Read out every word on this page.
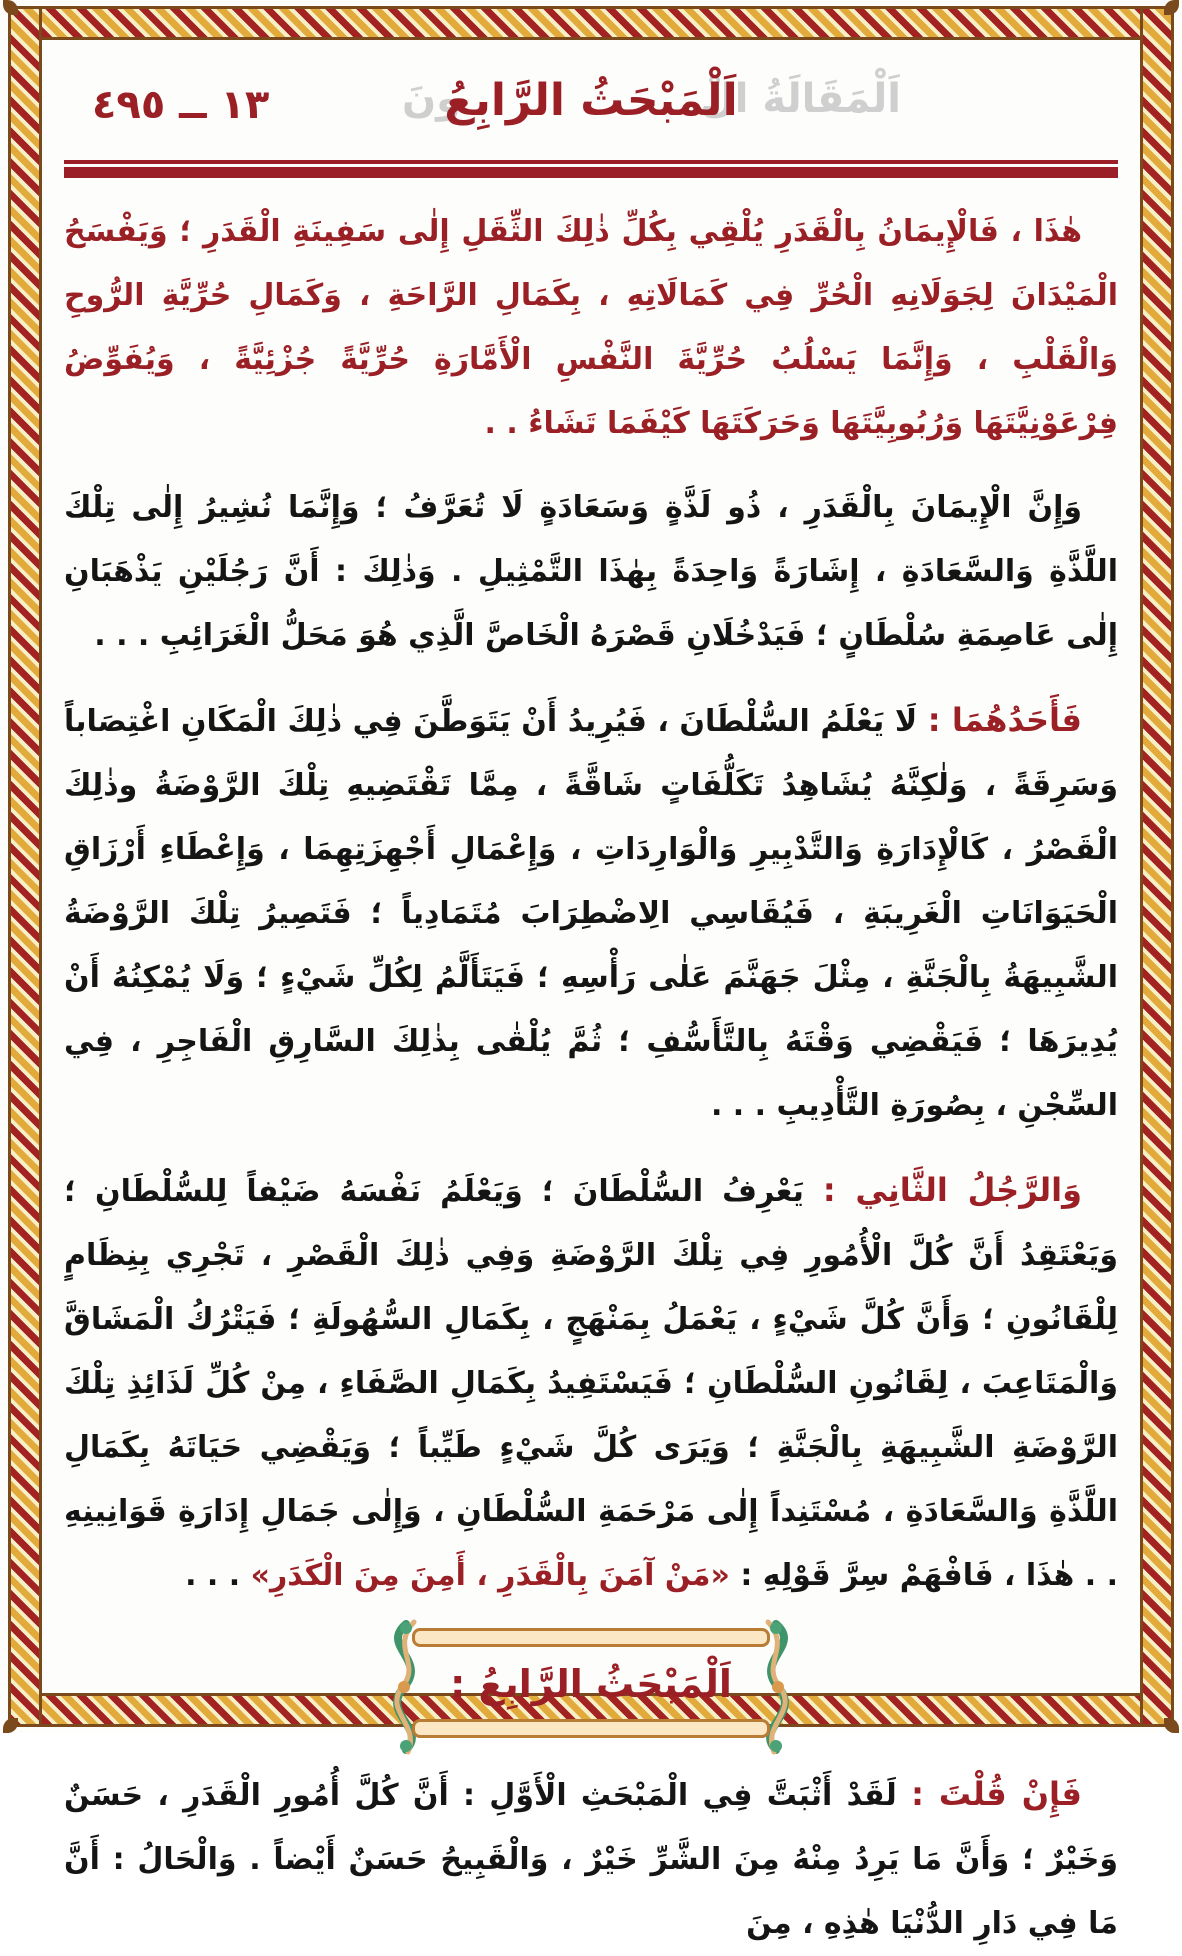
١٣ ــ ٤٩٥	اَلْمَقَالَةُ الْ
ونَ
اَلْمَبْحَثُ الرَّابِعُ

هٰذَا ، فَالْإِيمَانُ بِالْقَدَرِ يُلْقِي بِكُلِّ ذٰلِكَ الثِّقَلِ إِلٰى سَفِينَةِ الْقَدَرِ ؛ وَيَفْسَحُ الْمَيْدَانَ لِجَوَلَانِهِ الْحُرِّ فِي كَمَالَاتِهِ ، بِكَمَالِ الرَّاحَةِ ، وَكَمَالِ حُرِّيَّةِ الرُّوحِ وَالْقَلْبِ ، وَإِنَّمَا يَسْلُبُ حُرِّيَّةَ النَّفْسِ الْأَمَّارَةِ حُرِّيَّةً جُزْئِيَّةً ، وَيُفَوِّضُ فِرْعَوْنِيَّتَهَا وَرُبُوبِيَّتَهَا وَحَرَكَتَهَا كَيْفَمَا تَشَاءُ . .

وَإِنَّ الْإِيمَانَ بِالْقَدَرِ ، ذُو لَذَّةٍ وَسَعَادَةٍ لَا تُعَرَّفُ ؛ وَإِنَّمَا نُشِيرُ إِلٰى تِلْكَ اللَّذَّةِ وَالسَّعَادَةِ ، إِشَارَةً وَاحِدَةً بِهٰذَا التَّمْثِيلِ . وَذٰلِكَ : أَنَّ رَجُلَيْنِ يَذْهَبَانِ إِلٰى عَاصِمَةِ سُلْطَانٍ ؛ فَيَدْخُلَانِ قَصْرَهُ الْخَاصَّ الَّذِي هُوَ مَحَلُّ الْغَرَائِبِ . . .

فَأَحَدُهُمَا : لَا يَعْلَمُ السُّلْطَانَ ، فَيُرِيدُ أَنْ يَتَوَطَّنَ فِي ذٰلِكَ الْمَكَانِ اغْتِصَاباً وَسَرِقَةً ، وَلٰكِنَّهُ يُشَاهِدُ تَكَلُّفَاتٍ شَاقَّةً ، مِمَّا تَقْتَضِيهِ تِلْكَ الرَّوْضَةُ وذٰلِكَ الْقَصْرُ ، كَالْإِدَارَةِ وَالتَّدْبِيرِ وَالْوَارِدَاتِ ، وَإِعْمَالِ أَجْهِزَتِهِمَا ، وَإِعْطَاءِ أَرْزَاقِ الْحَيَوَانَاتِ الْغَرِيبَةِ ، فَيُقَاسِي الِاضْطِرَابَ مُتَمَادِياً ؛ فَتَصِيرُ تِلْكَ الرَّوْضَةُ الشَّبِيهَةُ بِالْجَنَّةِ ، مِثْلَ جَهَنَّمَ عَلٰى رَأْسِهِ ؛ فَيَتَأَلَّمُ لِكُلِّ شَيْءٍ ؛ وَلَا يُمْكِنُهُ أَنْ يُدِيرَهَا ؛ فَيَقْضِي وَقْتَهُ بِالتَّأَسُّفِ ؛ ثُمَّ يُلْقٰى بِذٰلِكَ السَّارِقِ الْفَاجِرِ ، فِي السِّجْنِ ، بِصُورَةِ التَّأْدِيبِ . . .

وَالرَّجُلُ الثَّانِي : يَعْرِفُ السُّلْطَانَ ؛ وَيَعْلَمُ نَفْسَهُ ضَيْفاً لِلسُّلْطَانِ ؛ وَيَعْتَقِدُ أَنَّ كُلَّ الْأُمُورِ فِي تِلْكَ الرَّوْضَةِ وَفِي ذٰلِكَ الْقَصْرِ ، تَجْرِي بِنِظَامٍ لِلْقَانُونِ ؛ وَأَنَّ كُلَّ شَيْءٍ ، يَعْمَلُ بِمَنْهَجٍ ، بِكَمَالِ السُّهُولَةِ ؛ فَيَتْرُكُ الْمَشَاقَّ وَالْمَتَاعِبَ ، لِقَانُونِ السُّلْطَانِ ؛ فَيَسْتَفِيدُ بِكَمَالِ الصَّفَاءِ ، مِنْ كُلِّ لَذَائِذِ تِلْكَ الرَّوْضَةِ الشَّبِيهَةِ بِالْجَنَّةِ ؛ وَيَرَى كُلَّ شَيْءٍ طَيِّباً ؛ وَيَقْضِي حَيَاتَهُ بِكَمَالِ اللَّذَّةِ وَالسَّعَادَةِ ، مُسْتَنِداً إِلٰى مَرْحَمَةِ السُّلْطَانِ ، وَإِلٰى جَمَالِ إِدَارَةِ قَوَانِينِهِ . . هٰذَا ، فَافْهَمْ سِرَّ قَوْلِهِ : «مَنْ آمَنَ بِالْقَدَرِ ، أَمِنَ مِنَ الْكَدَرِ» . . .

اَلْمَبْحَثُ الرَّابِعُ :

فَإِنْ قُلْتَ : لَقَدْ أَثْبَتَّ فِي الْمَبْحَثِ الْأَوَّلِ : أَنَّ كُلَّ أُمُورِ الْقَدَرِ ، حَسَنٌ وَخَيْرٌ ؛ وَأَنَّ مَا يَرِدُ مِنْهُ مِنَ الشَّرِّ خَيْرٌ ، وَالْقَبِيحُ حَسَنٌ أَيْضاً . وَالْحَالُ : أَنَّ مَا فِي دَارِ الدُّنْيَا هٰذِهِ ، مِنَ
